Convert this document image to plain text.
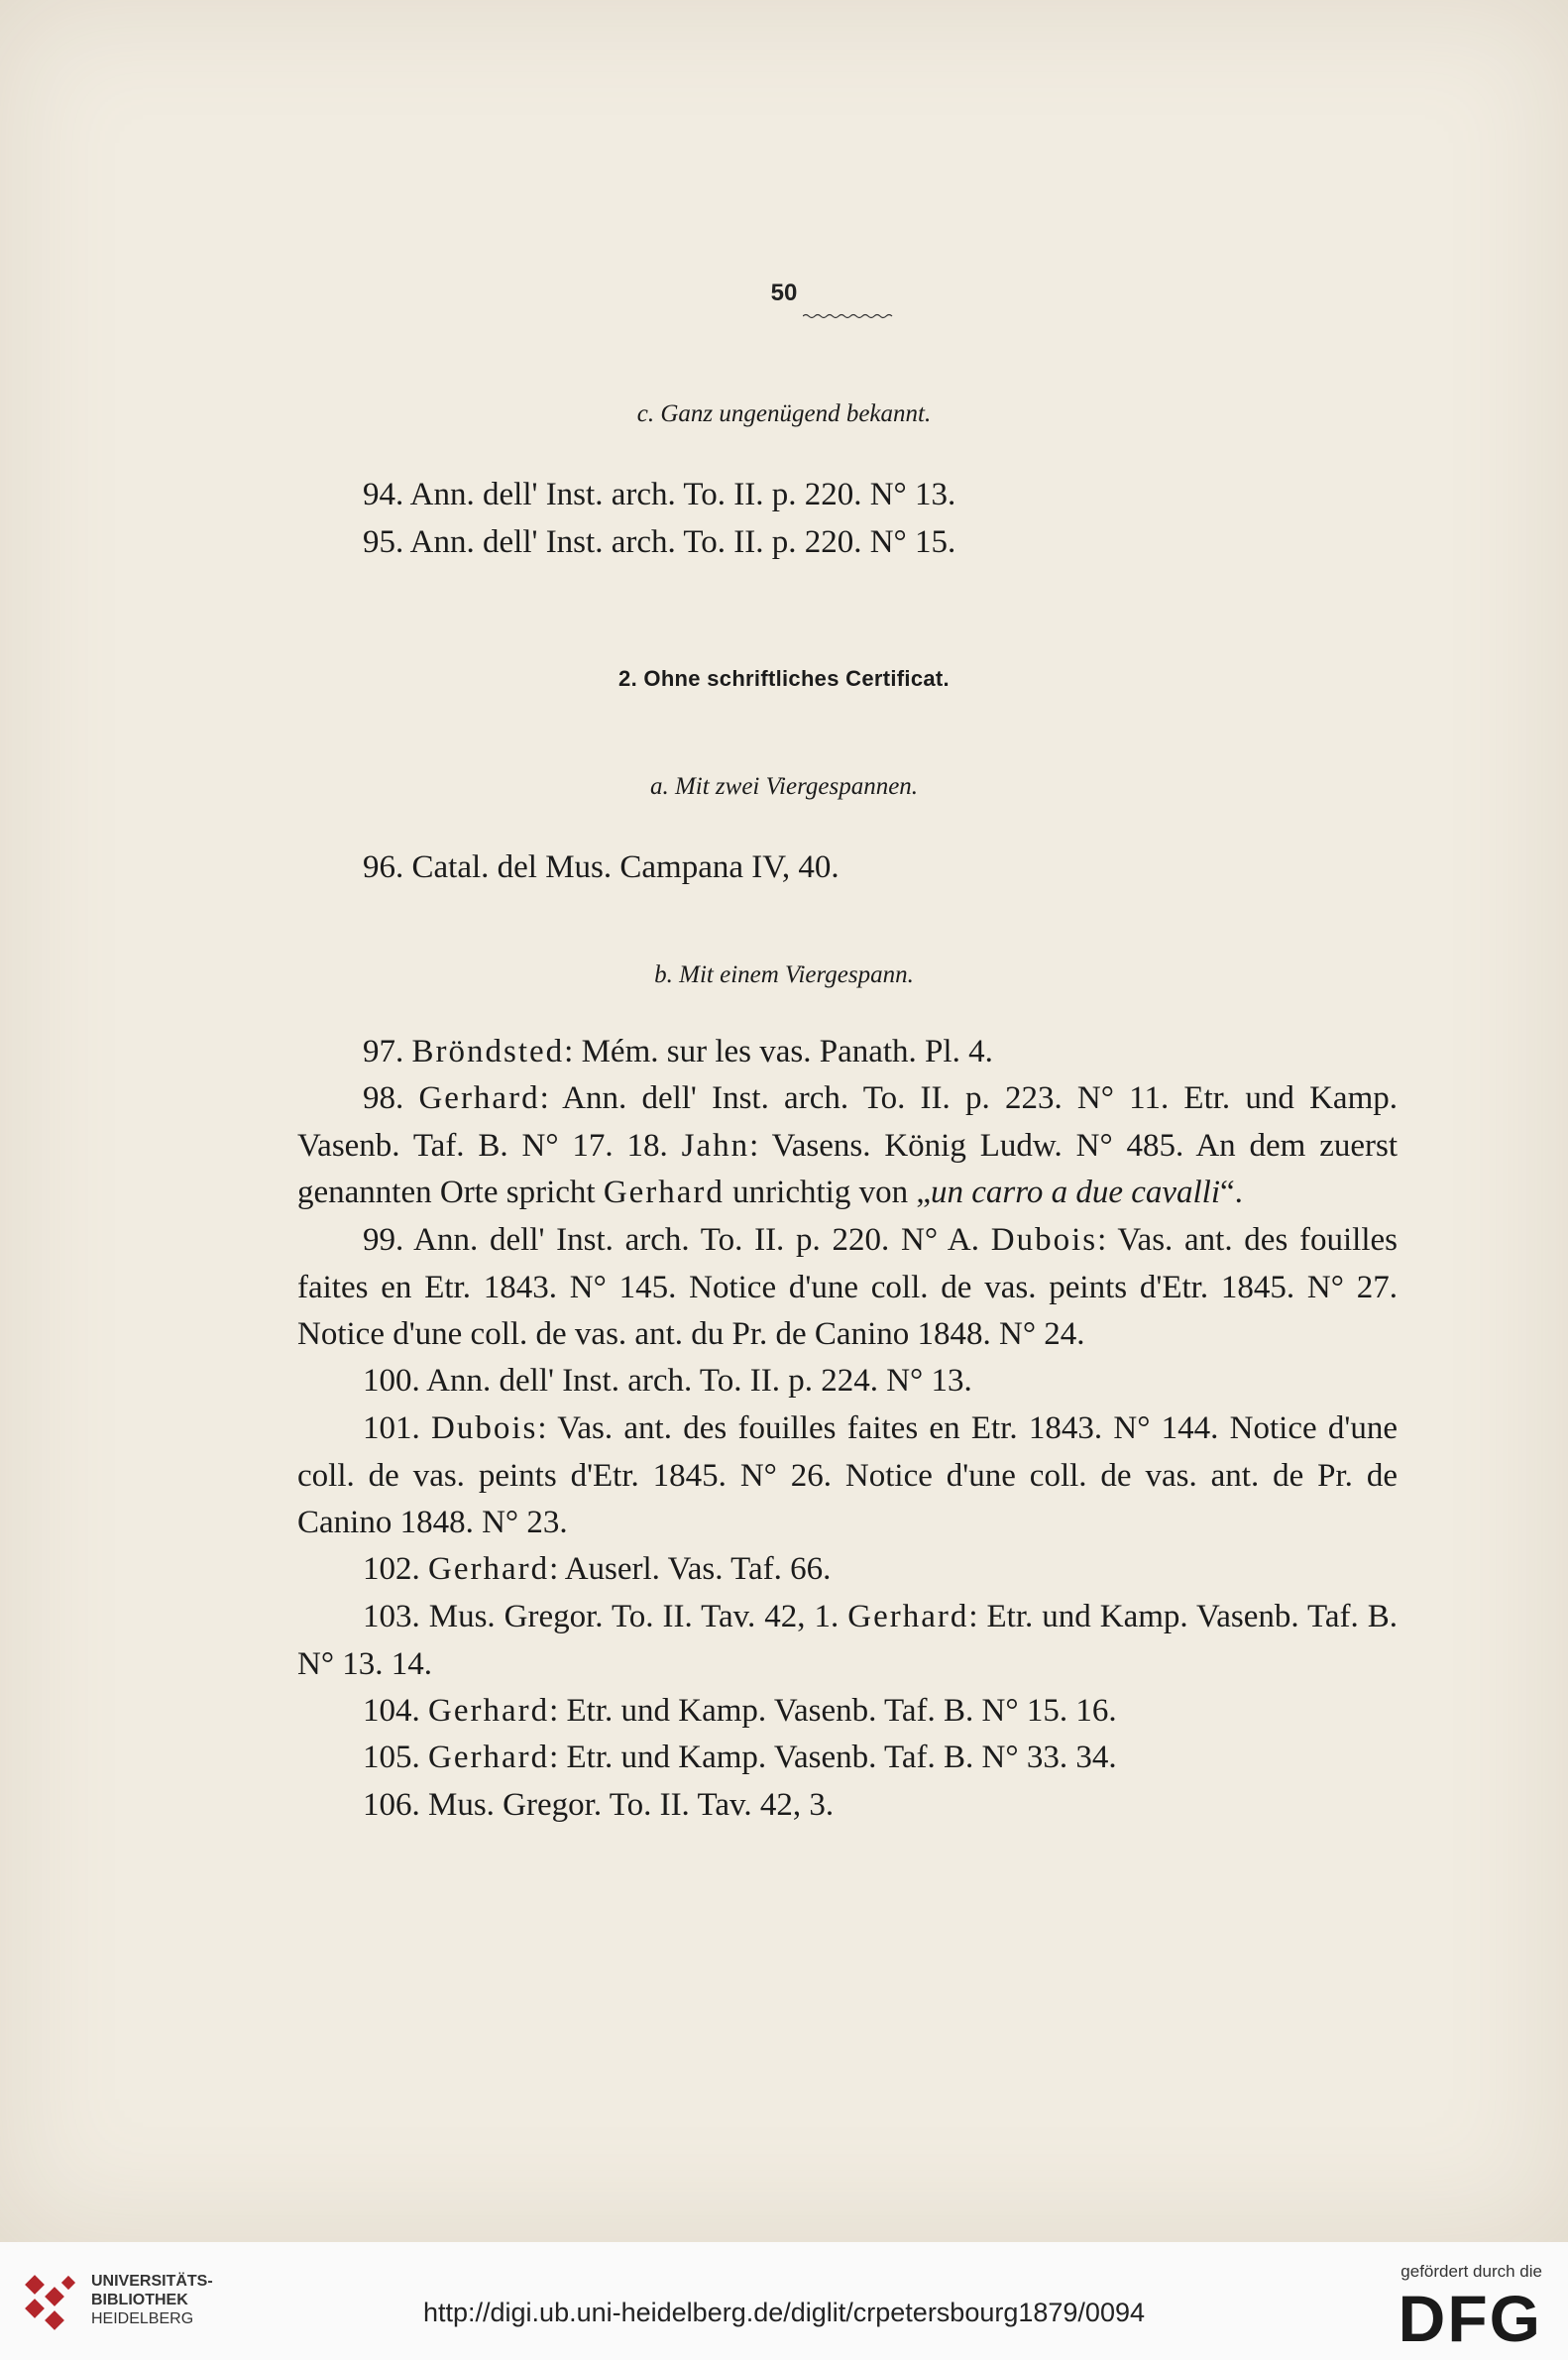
50
c. Ganz ungenügend bekannt.

94. Ann. dell' Inst. arch. To. II. p. 220. N° 13.

95. Ann. dell' Inst. arch. To. II. p. 220. N° 15.

2. Ohne schriftliches Certificat.
a. Mit zwei Viergespannen.

96. Catal. del Mus. Campana IV, 40.

b. Mit einem Viergespann.

97. Bröndsted: Mém. sur les vas. Panath. Pl. 4.

98. Gerhard: Ann. dell' Inst. arch. To. II. p. 223. N° 11. Etr. und Kamp. Vasenb. Taf. B. N° 17. 18. Jahn: Vasens. König Ludw. N° 485. An dem zuerst genannten Orte spricht Gerhard unrichtig von „un carro a due cavalli“.

99. Ann. dell' Inst. arch. To. II. p. 220. N° A. Dubois: Vas. ant. des fouilles faites en Etr. 1843. N° 145. Notice d'une coll. de vas. peints d'Etr. 1845. N° 27. Notice d'une coll. de vas. ant. du Pr. de Canino 1848. N° 24.

100. Ann. dell' Inst. arch. To. II. p. 224. N° 13.

101. Dubois: Vas. ant. des fouilles faites en Etr. 1843. N° 144. Notice d'une coll. de vas. peints d'Etr. 1845. N° 26. Notice d'une coll. de vas. ant. de Pr. de Canino 1848. N° 23.

102. Gerhard: Auserl. Vas. Taf. 66.

103. Mus. Gregor. To. II. Tav. 42, 1. Gerhard: Etr. und Kamp. Vasenb. Taf. B. N° 13. 14.

104. Gerhard: Etr. und Kamp. Vasenb. Taf. B. N° 15. 16.

105. Gerhard: Etr. und Kamp. Vasenb. Taf. B. N° 33. 34.

106. Mus. Gregor. To. II. Tav. 42, 3.

UNIVERSITÄTS-
BIBLIOTHEK
HEIDELBERG	http://digi.ub.uni-heidelberg.de/diglit/crpetersbourg1879/0094
gefördert durch die
DFG
